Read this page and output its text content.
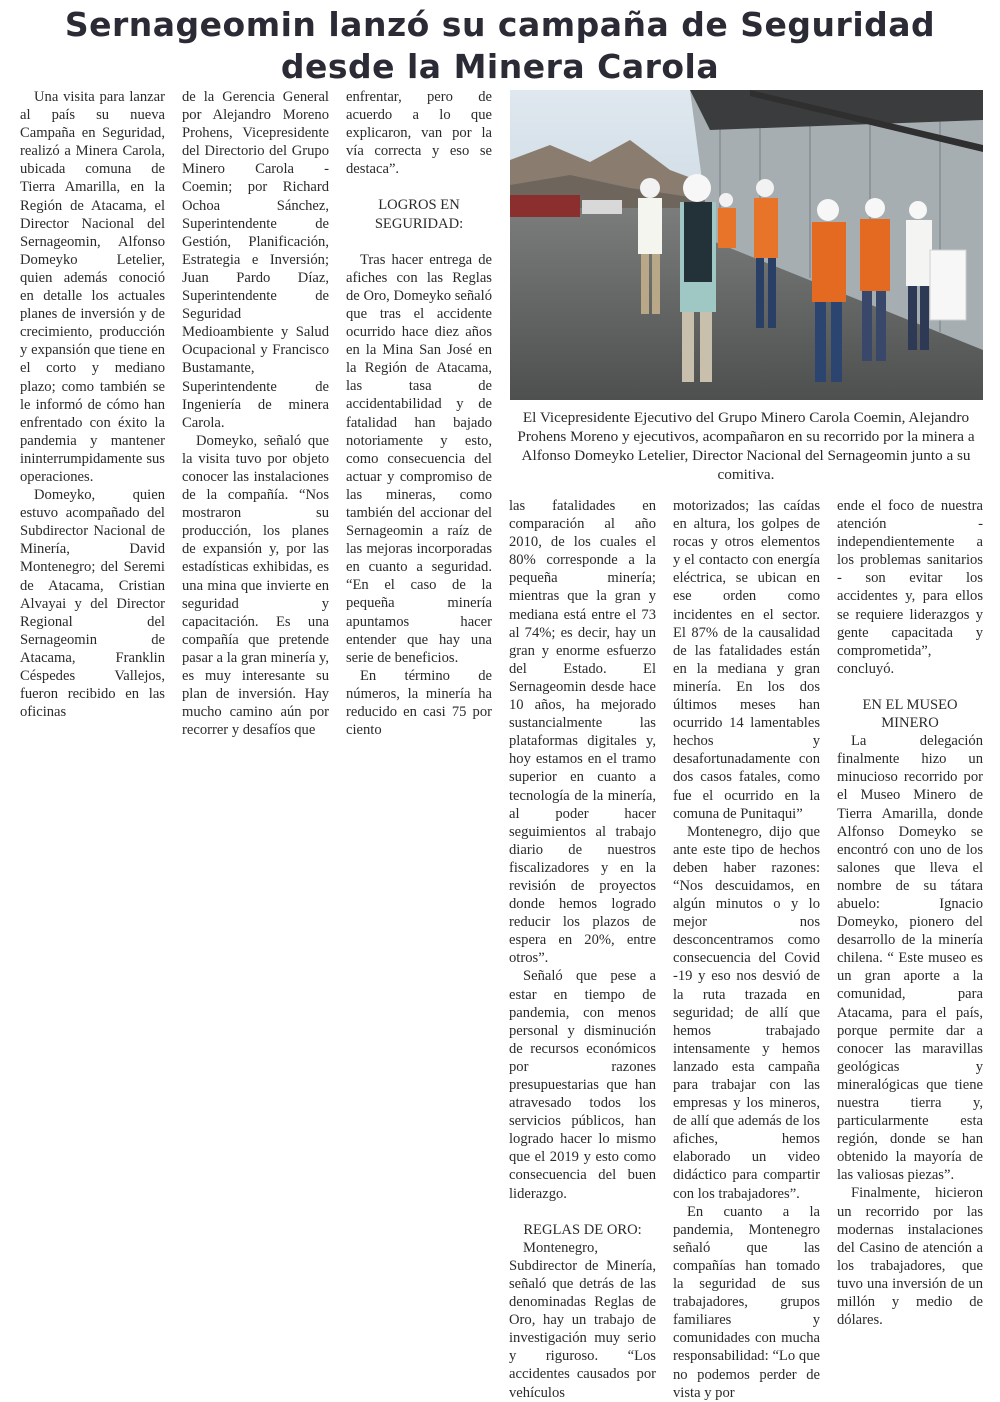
Sernageomin lanzó su campaña de Seguridad desde la Minera Carola

Una visita para lanzar al país su nueva Campaña en Seguridad, realizó a Minera Carola, ubicada comuna de Tierra Amarilla, en la Región de Atacama, el Director Nacional del Sernageomin, Alfonso Domeyko Letelier, quien además conoció en detalle los actuales planes de inversión y de crecimiento, producción y expansión que tiene en el corto y mediano plazo; como también se le informó de cómo han enfrentado con éxito la pandemia y mantener ininterrumpidamente sus operaciones.

Domeyko, quien estuvo acompañado del Subdirector Nacional de Minería, David Montenegro; del Seremi de Atacama, Cristian Alvayai y del Director Regional del Sernageomin de Atacama, Franklin Céspedes Vallejos, fueron recibido en las oficinas

de la Gerencia General por Alejandro Moreno Prohens, Vicepresidente del Directorio del Grupo Minero Carola - Coemin; por Richard Ochoa Sánchez, Superintendente de Gestión, Planificación, Estrategia e Inversión; Juan Pardo Díaz, Superintendente de Seguridad Medioambiente y Salud Ocupacional y Francisco Bustamante, Superintendente de Ingeniería de minera Carola.

Domeyko, señaló que la visita tuvo por objeto conocer las instalaciones de la compañía. “Nos mostraron su producción, los planes de expansión y, por las estadísticas exhibidas, es una mina que invierte en seguridad y capacitación. Es una compañía que pretende pasar a la gran minería y, es muy interesante su plan de inversión. Hay mucho camino aún por recorrer y desafíos que

enfrentar, pero de acuerdo a lo que explicaron, van por la vía correcta y eso se destaca”.

LOGROS EN SEGURIDAD:

Tras hacer entrega de afiches con las Reglas de Oro, Domeyko señaló que tras el accidente ocurrido hace diez años en la Mina San José en la Región de Atacama, las tasa de accidentabilidad y de fatalidad han bajado notoriamente y esto, como consecuencia del actuar y compromiso de las mineras, como también del accionar del Sernageomin a raíz de las mejoras incorporadas en cuanto a seguridad. “En el caso de la pequeña minería apuntamos hacer entender que hay una serie de beneficios.

En término de números, la minería ha reducido en casi 75 por ciento

El Vicepresidente Ejecutivo del Grupo Minero Carola Coemin, Alejandro Prohens Moreno y ejecutivos, acompañaron en su recorrido por la minera a Alfonso Domeyko Letelier, Director Nacional del Sernageomin junto a su comitiva.

las fatalidades en comparación al año 2010, de los cuales el 80% corresponde a la pequeña minería; mientras que la gran y mediana está entre el 73 al 74%; es decir, hay un gran y enorme esfuerzo del Estado. El Sernageomin desde hace 10 años, ha mejorado sustancialmente las plataformas digitales y, hoy estamos en el tramo superior en cuanto a tecnología de la minería, al poder hacer seguimientos al trabajo diario de nuestros fiscalizadores y en la revisión de proyectos donde hemos logrado reducir los plazos de espera en 20%, entre otros”.

Señaló que pese a estar en tiempo de pandemia, con menos personal y disminución de recursos económicos por razones presupuestarias que han atravesado todos los servicios públicos, han logrado hacer lo mismo que el 2019 y esto como consecuencia del buen liderazgo.

REGLAS DE ORO:

Montenegro, Subdirector de Minería, señaló que detrás de las denominadas Reglas de Oro, hay un trabajo de investigación muy serio y riguroso. “Los accidentes causados por vehículos

motorizados; las caídas en altura, los golpes de rocas y otros elementos y el contacto con energía eléctrica, se ubican en ese orden como incidentes en el sector. El 87% de la causalidad de las fatalidades están en la mediana y gran minería. En los dos últimos meses han ocurrido 14 lamentables hechos y desafortunadamente con dos casos fatales, como fue el ocurrido en la comuna de Punitaqui”

Montenegro, dijo que ante este tipo de hechos deben haber razones: “Nos descuidamos, en algún minutos o y lo mejor nos desconcentramos como consecuencia del Covid -19 y eso nos desvió de la ruta trazada en seguridad; de allí que hemos trabajado intensamente y hemos lanzado esta campaña para trabajar con las empresas y los mineros, de allí que además de los afiches, hemos elaborado un video didáctico para compartir con los trabajadores”.

En cuanto a la pandemia, Montenegro señaló que las compañías han tomado la seguridad de sus trabajadores, grupos familiares y comunidades con mucha responsabilidad: “Lo que no podemos perder de vista y por

ende el foco de nuestra atención - independientemente a los problemas sanitarios - son evitar los accidentes y, para ellos se requiere liderazgos y gente capacitada y comprometida”, concluyó.

EN EL MUSEO MINERO

La delegación finalmente hizo un minucioso recorrido por el Museo Minero de Tierra Amarilla, donde Alfonso Domeyko se encontró con uno de los salones que lleva el nombre de su tátara abuelo: Ignacio Domeyko, pionero del desarrollo de la minería chilena. “ Este museo es un gran aporte a la comunidad, para Atacama, para el país, porque permite dar a conocer las maravillas geológicas y mineralógicas que tiene nuestra tierra y, particularmente esta región, donde se han obtenido la mayoría de las valiosas piezas”.

Finalmente, hicieron un recorrido por las modernas instalaciones del Casino de atención a los trabajadores, que tuvo una inversión de un millón y medio de dólares.
